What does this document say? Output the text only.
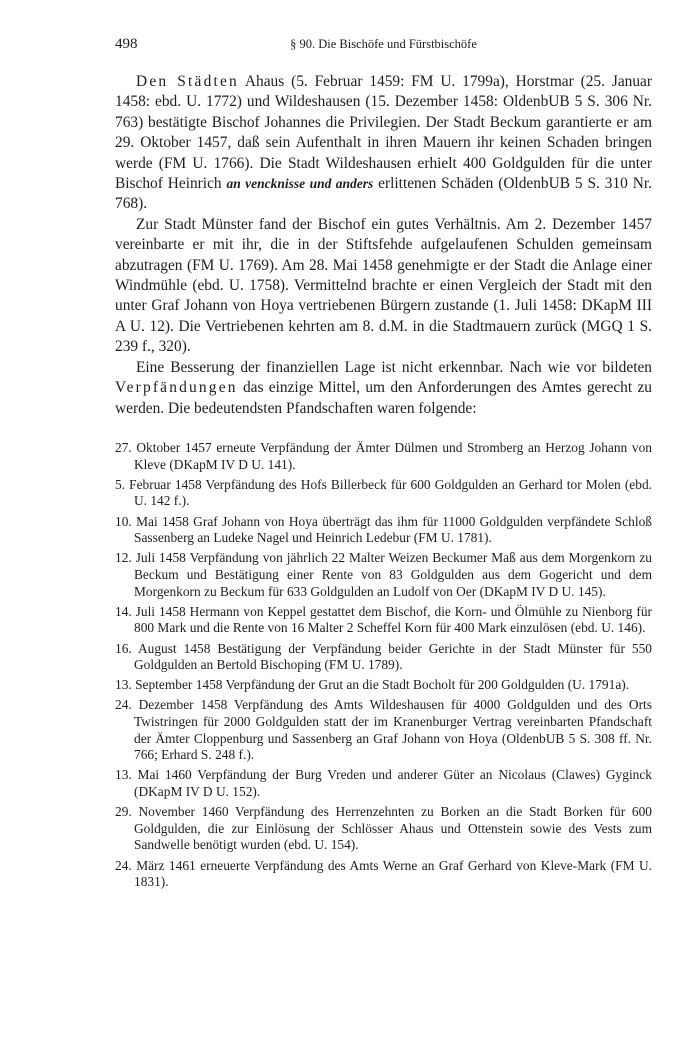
498	§ 90. Die Bischöfe und Fürstbischöfe

Den Städten Ahaus (5. Februar 1459: FM U. 1799a), Horstmar (25. Januar 1458: ebd. U. 1772) und Wildeshausen (15. Dezember 1458: OldenbUB 5 S. 306 Nr. 763) bestätigte Bischof Johannes die Privilegien. Der Stadt Beckum garantierte er am 29. Oktober 1457, daß sein Aufenthalt in ihren Mauern ihr keinen Schaden bringen werde (FM U. 1766). Die Stadt Wildeshausen erhielt 400 Goldgulden für die unter Bischof Heinrich an vencknisse und anders erlittenen Schäden (OldenbUB 5 S. 310 Nr. 768).

Zur Stadt Münster fand der Bischof ein gutes Verhältnis. Am 2. Dezember 1457 vereinbarte er mit ihr, die in der Stiftsfehde aufgelaufenen Schulden gemeinsam abzutragen (FM U. 1769). Am 28. Mai 1458 genehmigte er der Stadt die Anlage einer Windmühle (ebd. U. 1758). Vermittelnd brachte er einen Vergleich der Stadt mit den unter Graf Johann von Hoya vertriebenen Bürgern zustande (1. Juli 1458: DKapM III A U. 12). Die Vertriebenen kehrten am 8. d.M. in die Stadtmauern zurück (MGQ 1 S. 239 f., 320).

Eine Besserung der finanziellen Lage ist nicht erkennbar. Nach wie vor bildeten Verpfändungen das einzige Mittel, um den Anforderungen des Amtes gerecht zu werden. Die bedeutendsten Pfandschaften waren folgende:

27. Oktober 1457 erneute Verpfändung der Ämter Dülmen und Stromberg an Herzog Johann von Kleve (DKapM IV D U. 141).
5. Februar 1458 Verpfändung des Hofs Billerbeck für 600 Goldgulden an Gerhard tor Molen (ebd. U. 142 f.).
10. Mai 1458 Graf Johann von Hoya überträgt das ihm für 11000 Goldgulden verpfändete Schloß Sassenberg an Ludeke Nagel und Heinrich Ledebur (FM U. 1781).
12. Juli 1458 Verpfändung von jährlich 22 Malter Weizen Beckumer Maß aus dem Morgenkorn zu Beckum und Bestätigung einer Rente von 83 Goldgulden aus dem Gogericht und dem Morgenkorn zu Beckum für 633 Goldgulden an Ludolf von Oer (DKapM IV D U. 145).
14. Juli 1458 Hermann von Keppel gestattet dem Bischof, die Korn- und Ölmühle zu Nienborg für 800 Mark und die Rente von 16 Malter 2 Scheffel Korn für 400 Mark einzulösen (ebd. U. 146).
16. August 1458 Bestätigung der Verpfändung beider Gerichte in der Stadt Münster für 550 Goldgulden an Bertold Bischoping (FM U. 1789).
13. September 1458 Verpfändung der Grut an die Stadt Bocholt für 200 Goldgulden (U. 1791a).
24. Dezember 1458 Verpfändung des Amts Wildeshausen für 4000 Goldgulden und des Orts Twistringen für 2000 Goldgulden statt der im Kranenburger Vertrag vereinbarten Pfandschaft der Ämter Cloppenburg und Sassenberg an Graf Johann von Hoya (OldenbUB 5 S. 308 ff. Nr. 766; Erhard S. 248 f.).
13. Mai 1460 Verpfändung der Burg Vreden und anderer Güter an Nicolaus (Clawes) Gyginck (DKapM IV D U. 152).
29. November 1460 Verpfändung des Herrenzehnten zu Borken an die Stadt Borken für 600 Goldgulden, die zur Einlösung der Schlösser Ahaus und Ottenstein sowie des Vests zum Sandwelle benötigt wurden (ebd. U. 154).
24. März 1461 erneuerte Verpfändung des Amts Werne an Graf Gerhard von Kleve-Mark (FM U. 1831).
